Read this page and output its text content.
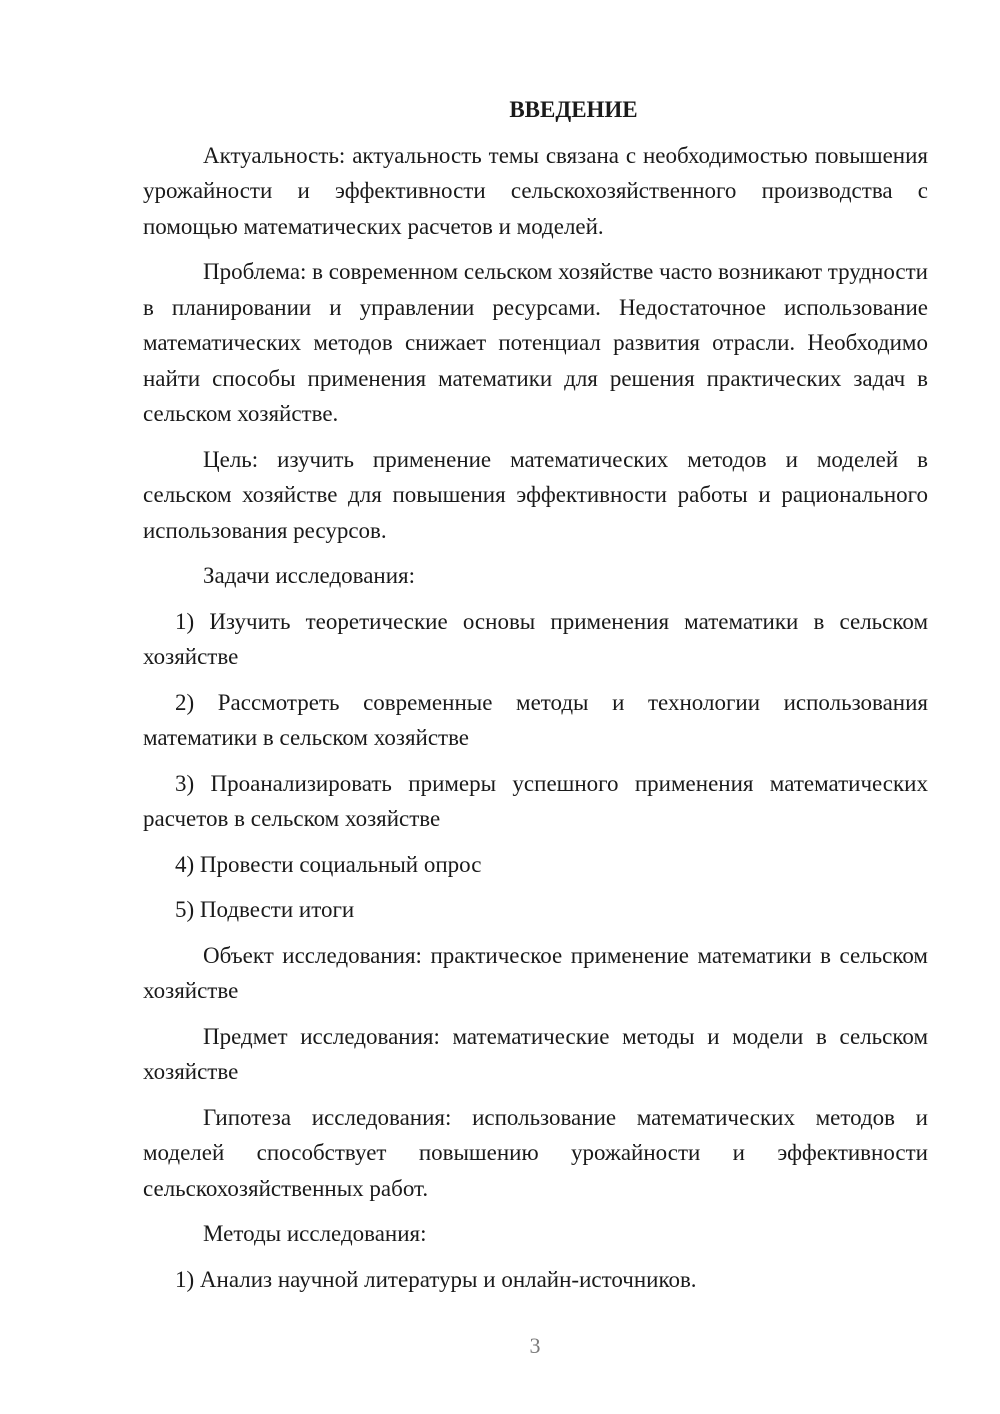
ВВЕДЕНИЕ

Актуальность: актуальность темы связана с необходимостью повышения урожайности и эффективности сельскохозяйственного производства с помощью математических расчетов и моделей.

Проблема: в современном сельском хозяйстве часто возникают трудности в планировании и управлении ресурсами. Недостаточное использование математических методов снижает потенциал развития отрасли. Необходимо найти способы применения математики для решения практических задач в сельском хозяйстве.

Цель: изучить применение математических методов и моделей в сельском хозяйстве для повышения эффективности работы и рационального использования ресурсов.

Задачи исследования:

1) Изучить теоретические основы применения математики в сельском хозяйстве

2) Рассмотреть современные методы и технологии использования математики в сельском хозяйстве

3) Проанализировать примеры успешного применения математических расчетов в сельском хозяйстве

4) Провести социальный опрос

5) Подвести итоги

Объект исследования: практическое применение математики в сельском хозяйстве

Предмет исследования: математические методы и модели в сельском хозяйстве

Гипотеза исследования: использование математических методов и моделей способствует повышению урожайности и эффективности сельскохозяйственных работ.

Методы исследования:

1) Анализ научной литературы и онлайн-источников.

3
